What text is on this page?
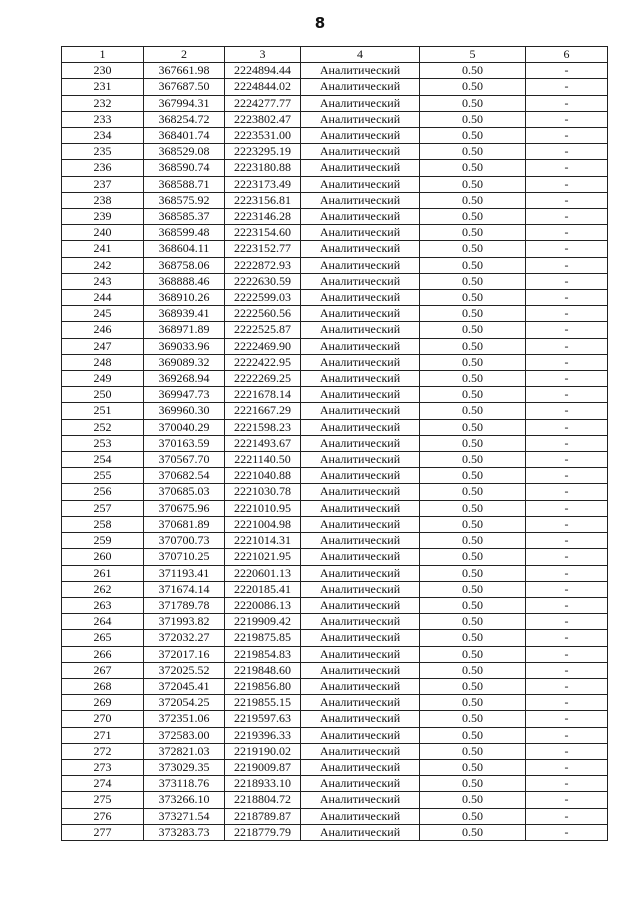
8
1	2	3	4	5	6
230	367661.98	2224894.44	Аналитический	0.50	-
231	367687.50	2224844.02	Аналитический	0.50	-
232	367994.31	2224277.77	Аналитический	0.50	-
233	368254.72	2223802.47	Аналитический	0.50	-
234	368401.74	2223531.00	Аналитический	0.50	-
235	368529.08	2223295.19	Аналитический	0.50	-
236	368590.74	2223180.88	Аналитический	0.50	-
237	368588.71	2223173.49	Аналитический	0.50	-
238	368575.92	2223156.81	Аналитический	0.50	-
239	368585.37	2223146.28	Аналитический	0.50	-
240	368599.48	2223154.60	Аналитический	0.50	-
241	368604.11	2223152.77	Аналитический	0.50	-
242	368758.06	2222872.93	Аналитический	0.50	-
243	368888.46	2222630.59	Аналитический	0.50	-
244	368910.26	2222599.03	Аналитический	0.50	-
245	368939.41	2222560.56	Аналитический	0.50	-
246	368971.89	2222525.87	Аналитический	0.50	-
247	369033.96	2222469.90	Аналитический	0.50	-
248	369089.32	2222422.95	Аналитический	0.50	-
249	369268.94	2222269.25	Аналитический	0.50	-
250	369947.73	2221678.14	Аналитический	0.50	-
251	369960.30	2221667.29	Аналитический	0.50	-
252	370040.29	2221598.23	Аналитический	0.50	-
253	370163.59	2221493.67	Аналитический	0.50	-
254	370567.70	2221140.50	Аналитический	0.50	-
255	370682.54	2221040.88	Аналитический	0.50	-
256	370685.03	2221030.78	Аналитический	0.50	-
257	370675.96	2221010.95	Аналитический	0.50	-
258	370681.89	2221004.98	Аналитический	0.50	-
259	370700.73	2221014.31	Аналитический	0.50	-
260	370710.25	2221021.95	Аналитический	0.50	-
261	371193.41	2220601.13	Аналитический	0.50	-
262	371674.14	2220185.41	Аналитический	0.50	-
263	371789.78	2220086.13	Аналитический	0.50	-
264	371993.82	2219909.42	Аналитический	0.50	-
265	372032.27	2219875.85	Аналитический	0.50	-
266	372017.16	2219854.83	Аналитический	0.50	-
267	372025.52	2219848.60	Аналитический	0.50	-
268	372045.41	2219856.80	Аналитический	0.50	-
269	372054.25	2219855.15	Аналитический	0.50	-
270	372351.06	2219597.63	Аналитический	0.50	-
271	372583.00	2219396.33	Аналитический	0.50	-
272	372821.03	2219190.02	Аналитический	0.50	-
273	373029.35	2219009.87	Аналитический	0.50	-
274	373118.76	2218933.10	Аналитический	0.50	-
275	373266.10	2218804.72	Аналитический	0.50	-
276	373271.54	2218789.87	Аналитический	0.50	-
277	373283.73	2218779.79	Аналитический	0.50	-
